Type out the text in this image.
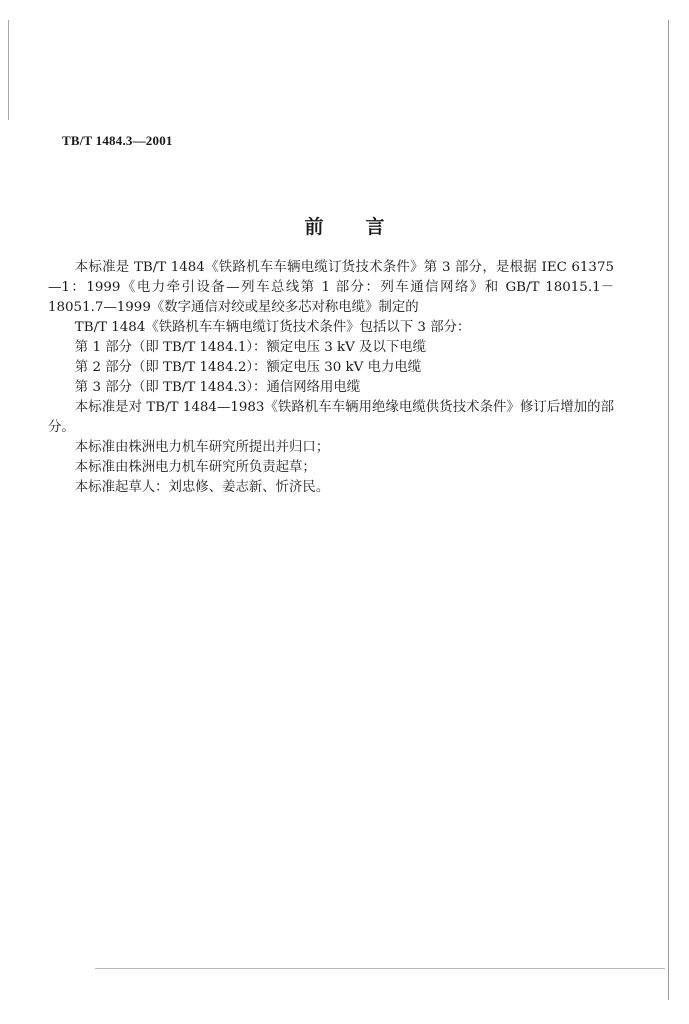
TB/T 1484.3—2001
前言

本标准是 TB/T 1484《铁路机车车辆电缆订货技术条件》第 3 部分，是根据 IEC 61375—1：1999《电力牵引设备—列车总线第 1 部分：列车通信网络》和 GB/T 18015.1－18051.7—1999《数字通信对绞或星绞多芯对称电缆》制定的

TB/T 1484《铁路机车车辆电缆订货技术条件》包括以下 3 部分：

第 1 部分（即 TB/T 1484.1）：额定电压 3 kV 及以下电缆

第 2 部分（即 TB/T 1484.2）：额定电压 30 kV 电力电缆

第 3 部分（即 TB/T 1484.3）：通信网络用电缆

本标准是对 TB/T 1484—1983《铁路机车车辆用绝缘电缆供货技术条件》修订后增加的部分。

本标准由株洲电力机车研究所提出并归口；

本标准由株洲电力机车研究所负责起草；

本标准起草人：刘忠修、姜志新、忻济民。
